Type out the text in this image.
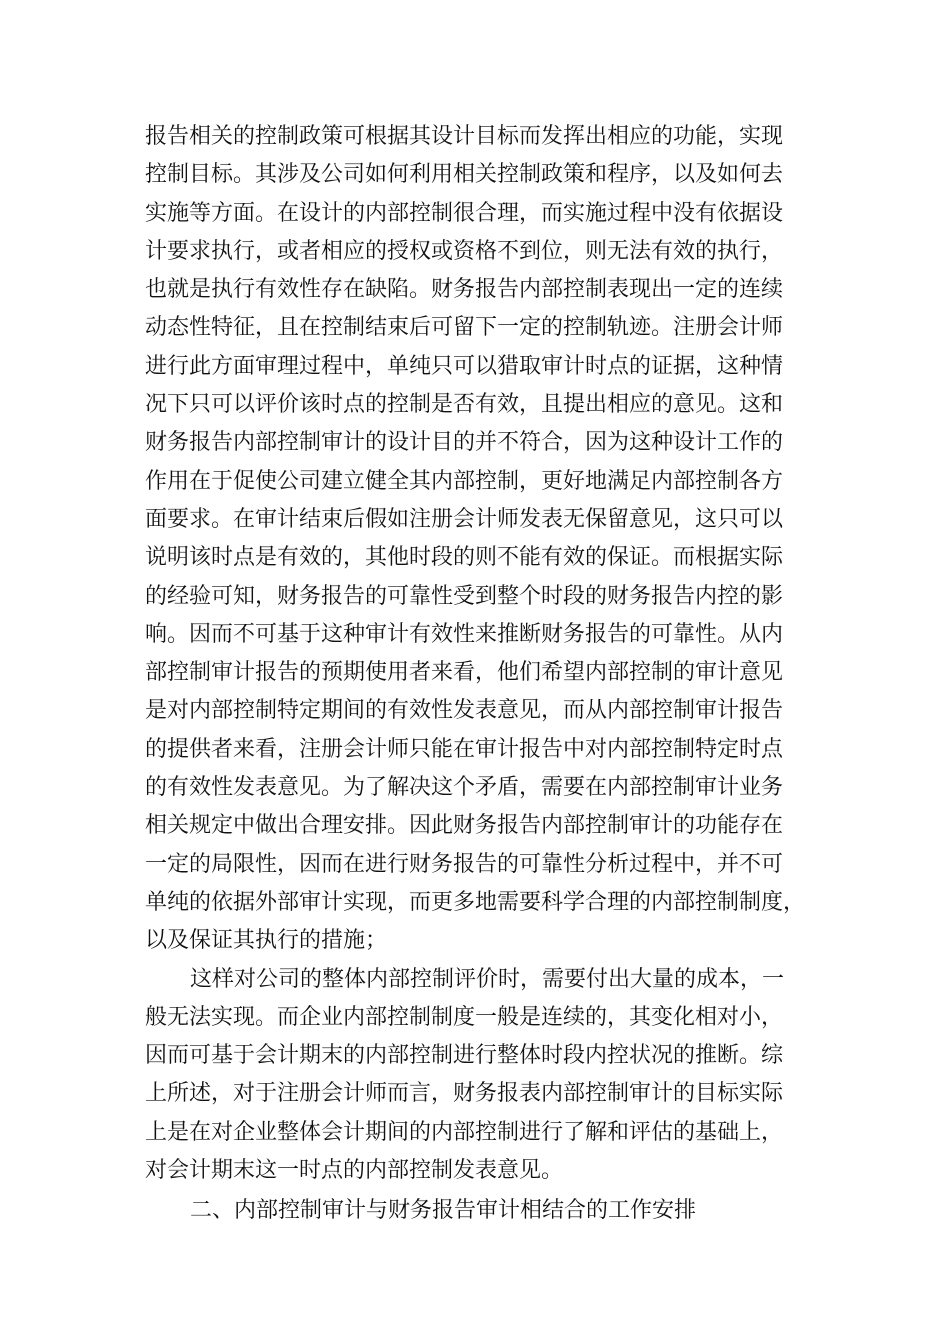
报告相关的控制政策可根据其设计目标而发挥出相应的功能，实现
控制目标。其涉及公司如何利用相关控制政策和程序，以及如何去
实施等方面。在设计的内部控制很合理，而实施过程中没有依据设
计要求执行，或者相应的授权或资格不到位，则无法有效的执行，
也就是执行有效性存在缺陷。财务报告内部控制表现出一定的连续
动态性特征，且在控制结束后可留下一定的控制轨迹。注册会计师
进行此方面审理过程中，单纯只可以猎取审计时点的证据，这种情
况下只可以评价该时点的控制是否有效，且提出相应的意见。这和
财务报告内部控制审计的设计目的并不符合，因为这种设计工作的
作用在于促使公司建立健全其内部控制，更好地满足内部控制各方
面要求。在审计结束后假如注册会计师发表无保留意见，这只可以
说明该时点是有效的，其他时段的则不能有效的保证。而根据实际
的经验可知，财务报告的可靠性受到整个时段的财务报告内控的影
响。因而不可基于这种审计有效性来推断财务报告的可靠性。从内
部控制审计报告的预期使用者来看，他们希望内部控制的审计意见
是对内部控制特定期间的有效性发表意见，而从内部控制审计报告
的提供者来看，注册会计师只能在审计报告中对内部控制特定时点
的有效性发表意见。为了解决这个矛盾，需要在内部控制审计业务
相关规定中做出合理安排。因此财务报告内部控制审计的功能存在
一定的局限性，因而在进行财务报告的可靠性分析过程中，并不可
单纯的依据外部审计实现，而更多地需要科学合理的内部控制制度，
以及保证其执行的措施；
这样对公司的整体内部控制评价时，需要付出大量的成本，一
般无法实现。而企业内部控制制度一般是连续的，其变化相对小，
因而可基于会计期末的内部控制进行整体时段内控状况的推断。综
上所述，对于注册会计师而言，财务报表内部控制审计的目标实际
上是在对企业整体会计期间的内部控制进行了解和评估的基础上，
对会计期末这一时点的内部控制发表意见。
二、内部控制审计与财务报告审计相结合的工作安排
